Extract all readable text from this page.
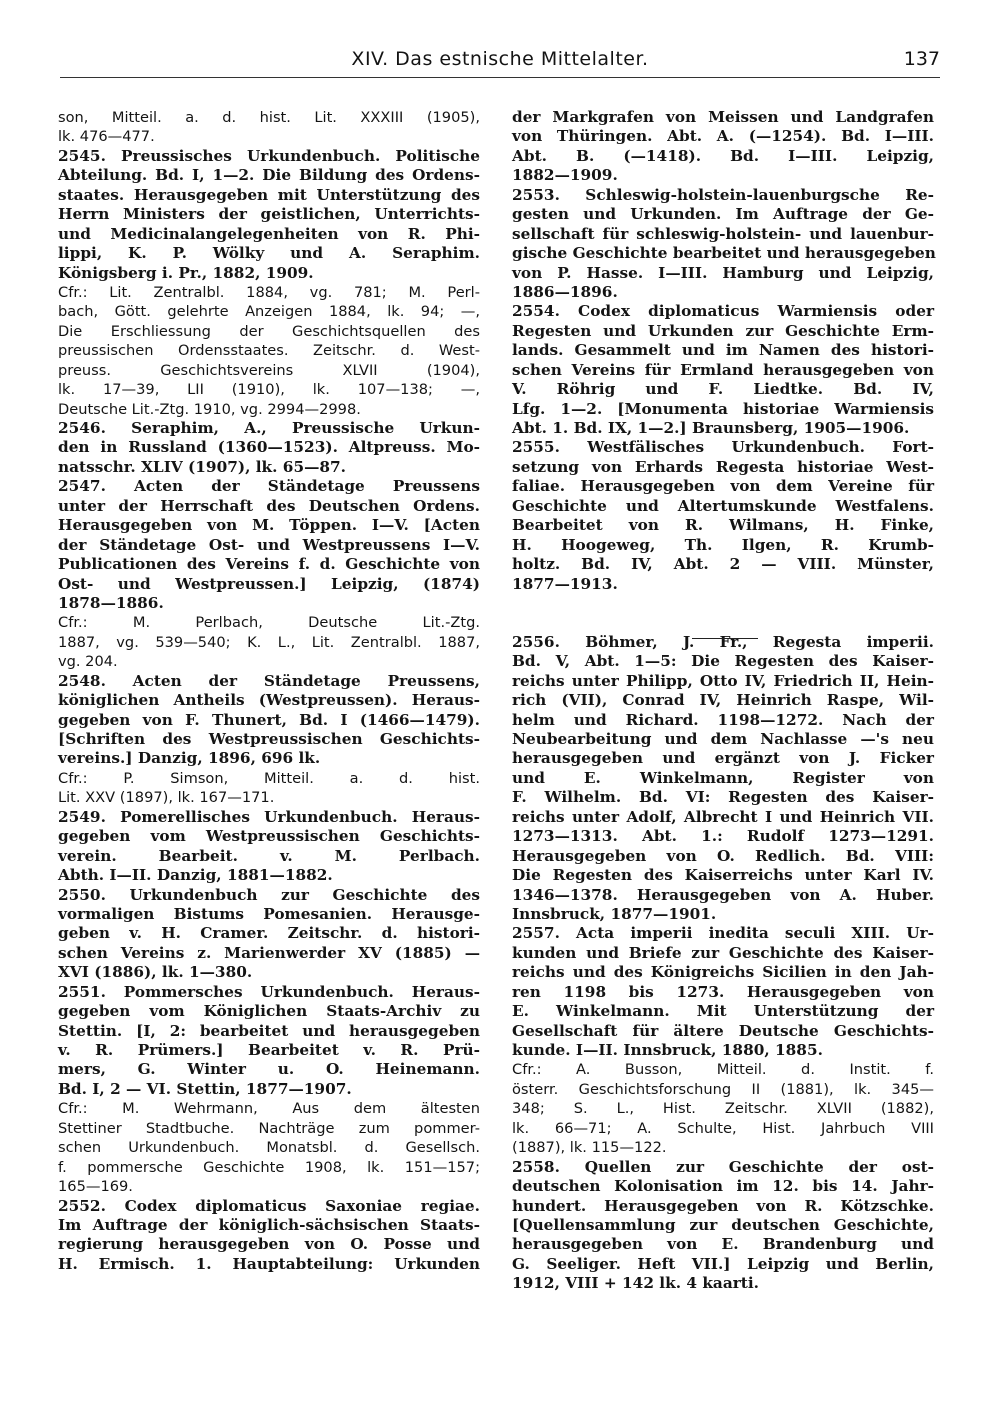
XIV. Das estnische Mittelalter.	137
son, Mitteil. a. d. hist. Lit. XXXIII (1905),
lk. 476—477.
2545. Preussisches Urkundenbuch. Politische
Abteilung. Bd. I, 1—2. Die Bildung des Ordens-
staates. Herausgegeben mit Unterstützung des
Herrn Ministers der geistlichen, Unterrichts-
und Medicinalangelegenheiten von R. Phi-
lippi, K. P. Wölky und A. Seraphim.
Königsberg i. Pr., 1882, 1909.
Cfr.: Lit. Zentralbl. 1884, vg. 781; M. Perl-
bach, Gött. gelehrte Anzeigen 1884, lk. 94; —,
Die Erschliessung der Geschichtsquellen des
preussischen Ordensstaates. Zeitschr. d. West-
preuss. Geschichtsvereins XLVII (1904),
lk. 17—39, LII (1910), lk. 107—138; —,
Deutsche Lit.-Ztg. 1910, vg. 2994—2998.
2546. Seraphim, A., Preussische Urkun-
den in Russland (1360—1523). Altpreuss. Mo-
natsschr. XLIV (1907), lk. 65—87.
2547. Acten der Ständetage Preussens
unter der Herrschaft des Deutschen Ordens.
Herausgegeben von M. Töppen. I—V. [Acten
der Ständetage Ost- und Westpreussens I—V.
Publicationen des Vereins f. d. Geschichte von
Ost- und Westpreussen.] Leipzig, (1874)
1878—1886.
Cfr.: M. Perlbach, Deutsche Lit.-Ztg.
1887, vg. 539—540; K. L., Lit. Zentralbl. 1887,
vg. 204.
2548. Acten der Ständetage Preussens,
königlichen Antheils (Westpreussen). Heraus-
gegeben von F. Thunert, Bd. I (1466—1479).
[Schriften des Westpreussischen Geschichts-
vereins.] Danzig, 1896, 696 lk.
Cfr.: P. Simson, Mitteil. a. d. hist.
Lit. XXV (1897), lk. 167—171.
2549. Pomerellisches Urkundenbuch. Heraus-
gegeben vom Westpreussischen Geschichts-
verein. Bearbeit. v. M. Perlbach.
Abth. I—II. Danzig, 1881—1882.
2550. Urkundenbuch zur Geschichte des
vormaligen Bistums Pomesanien. Herausge-
geben v. H. Cramer. Zeitschr. d. histori-
schen Vereins z. Marienwerder XV (1885) —
XVI (1886), lk. 1—380.
2551. Pommersches Urkundenbuch. Heraus-
gegeben vom Königlichen Staats-Archiv zu
Stettin. [I, 2: bearbeitet und herausgegeben
v. R. Prümers.] Bearbeitet v. R. Prü-
mers, G. Winter u. O. Heinemann.
Bd. I, 2 — VI. Stettin, 1877—1907.
Cfr.: M. Wehrmann, Aus dem ältesten
Stettiner Stadtbuche. Nachträge zum pommer-
schen Urkundenbuch. Monatsbl. d. Gesellsch.
f. pommersche Geschichte 1908, lk. 151—157;
165—169.
2552. Codex diplomaticus Saxoniae regiae.
Im Auftrage der königlich-sächsischen Staats-
regierung herausgegeben von O. Posse und
H. Ermisch. 1. Hauptabteilung: Urkunden
der Markgrafen von Meissen und Landgrafen
von Thüringen. Abt. A. (—1254). Bd. I—III.
Abt. B. (—1418). Bd. I—III. Leipzig,
1882—1909.
2553. Schleswig-holstein-lauenburgsche Re-
gesten und Urkunden. Im Auftrage der Ge-
sellschaft für schleswig-holstein- und lauenbur-
gische Geschichte bearbeitet und herausgegeben
von P. Hasse. I—III. Hamburg und Leipzig,
1886—1896.
2554. Codex diplomaticus Warmiensis oder
Regesten und Urkunden zur Geschichte Erm-
lands. Gesammelt und im Namen des histori-
schen Vereins für Ermland herausgegeben von
V. Röhrig und F. Liedtke. Bd. IV,
Lfg. 1—2. [Monumenta historiae Warmiensis
Abt. 1. Bd. IX, 1—2.] Braunsberg, 1905—1906.
2555. Westfälisches Urkundenbuch. Fort-
setzung von Erhards Regesta historiae West-
faliae. Herausgegeben von dem Vereine für
Geschichte und Altertumskunde Westfalens.
Bearbeitet von R. Wilmans, H. Finke,
H. Hoogeweg, Th. Ilgen, R. Krumb-
holtz. Bd. IV, Abt. 2 — VIII. Münster,
1877—1913.
2556. Böhmer, J. Fr., Regesta imperii.
Bd. V, Abt. 1—5: Die Regesten des Kaiser-
reichs unter Philipp, Otto IV, Friedrich II, Hein-
rich (VII), Conrad IV, Heinrich Raspe, Wil-
helm und Richard. 1198—1272. Nach der
Neubearbeitung und dem Nachlasse —'s neu
herausgegeben und ergänzt von J. Ficker
und E. Winkelmann, Register von
F. Wilhelm. Bd. VI: Regesten des Kaiser-
reichs unter Adolf, Albrecht I und Heinrich VII.
1273—1313. Abt. 1.: Rudolf 1273—1291.
Herausgegeben von O. Redlich. Bd. VIII:
Die Regesten des Kaiserreichs unter Karl IV.
1346—1378. Herausgegeben von A. Huber.
Innsbruck, 1877—1901.
2557. Acta imperii inedita seculi XIII. Ur-
kunden und Briefe zur Geschichte des Kaiser-
reichs und des Königreichs Sicilien in den Jah-
ren 1198 bis 1273. Herausgegeben von
E. Winkelmann. Mit Unterstützung der
Gesellschaft für ältere Deutsche Geschichts-
kunde. I—II. Innsbruck, 1880, 1885.
Cfr.: A. Busson, Mitteil. d. Instit. f.
österr. Geschichtsforschung II (1881), lk. 345—
348; S. L., Hist. Zeitschr. XLVII (1882),
lk. 66—71; A. Schulte, Hist. Jahrbuch VIII
(1887), lk. 115—122.
2558. Quellen zur Geschichte der ost-
deutschen Kolonisation im 12. bis 14. Jahr-
hundert. Herausgegeben von R. Kötzschke.
[Quellensammlung zur deutschen Geschichte,
herausgegeben von E. Brandenburg und
G. Seeliger. Heft VII.] Leipzig und Berlin,
1912, VIII + 142 lk. 4 kaarti.
